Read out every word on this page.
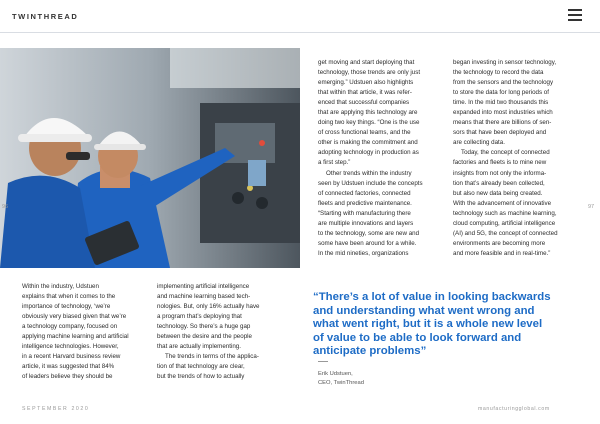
TWINTHREAD
96	97

Within the industry, Udstuen

explains that when it comes to the

importance of technology, ‘we’re

obviously very biased given that we’re

a technology company, focused on

applying machine learning and artificial

intelligence technologies. However,

in a recent Harvard business review

article, it was suggested that 84%

of leaders believe they should be

implementing artificial intelligence

and machine learning based tech-

nologies. But, only 16% actually have

a program that’s deploying that

technology. So there’s a huge gap

between the desire and the people

that are actually implementing.

The trends in terms of the applica-

tion of that technology are clear,

but the trends of how to actually

get moving and start deploying that

technology, those trends are only just

emerging.” Udstuen also highlights

that within that article, it was refer-

enced that successful companies

that are applying this technology are

doing two key things. “One is the use

of cross functional teams, and the

other is making the commitment and

adopting technology in production as

a first step.”

Other trends within the industry

seen by Udstuen include the concepts

of connected factories, connected

fleets and predictive maintenance.

“Starting with manufacturing there

are multiple innovations and layers

to the technology, some are new and

some have been around for a while.

In the mid nineties, organizations

began investing in sensor technology,

the technology to record the data

from the sensors and the technology

to store the data for long periods of

time. In the mid two thousands this

expanded into most industries which

means that there are billions of sen-

sors that have been deployed and

are collecting data.

Today, the concept of connected

factories and fleets is to mine new

insights from not only the informa-

tion that’s already been collected,

but also new data being created.

With the advancement of innovative

technology such as machine learning,

cloud computing, artificial intelligence

(AI) and 5G, the concept of connected

environments are becoming more

and more feasible and in real-time.”

“There’s a lot of value in looking backwards
and understanding what went wrong and
what went right, but it is a whole new level
of value to be able to look forward and
anticipate problems”
Erik Udstuen,
CEO, TwinThread
SEPTEMBER 2020	manufacturingglobal.com
